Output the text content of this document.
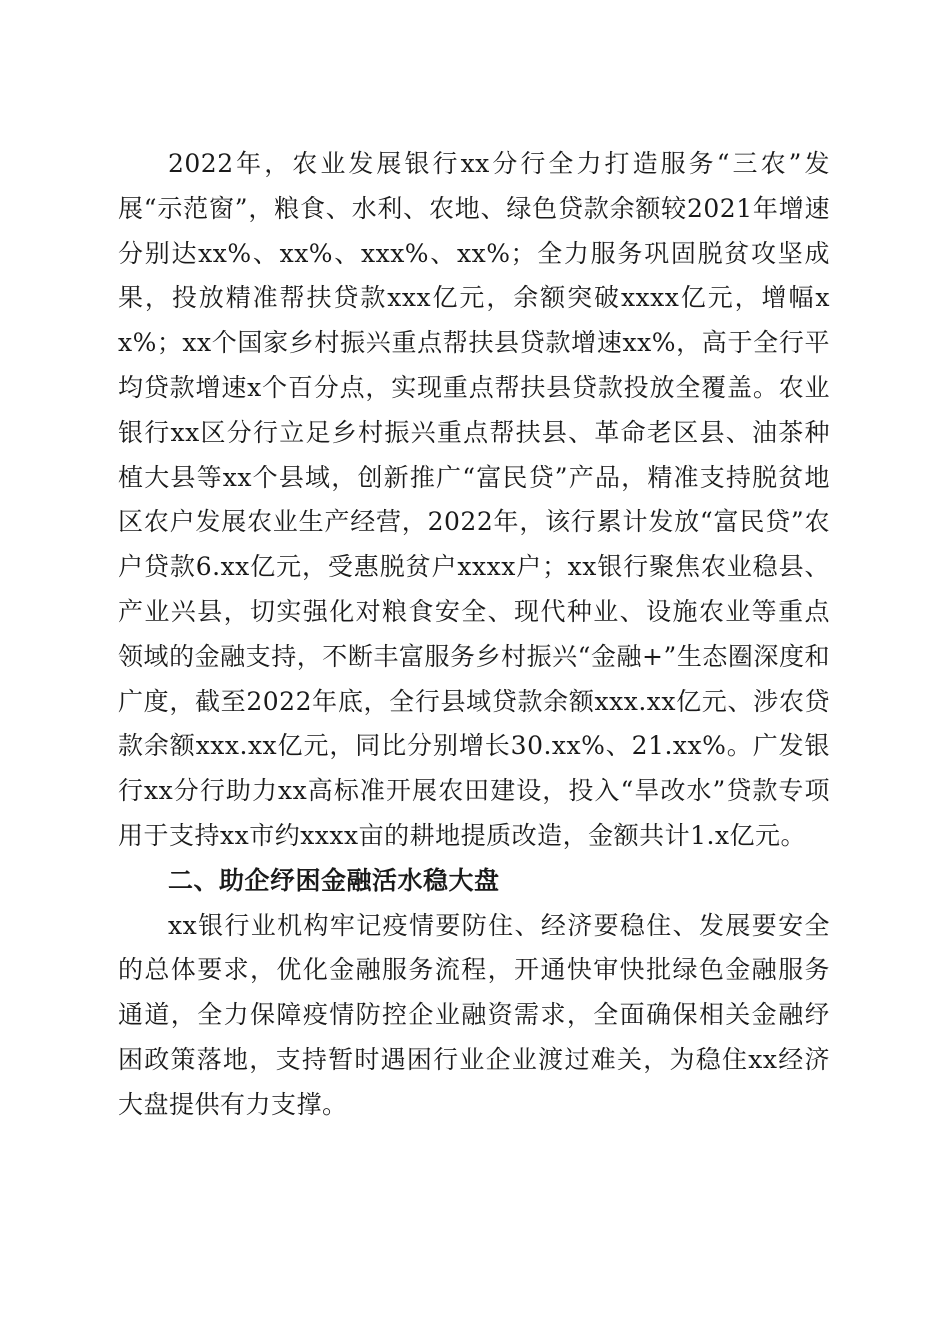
2022年，农业发展银行xx分行全力打造服务“三农”发展“示范窗”，粮食、水利、农地、绿色贷款余额较2021年增速分别达xx%、xx%、xxx%、xx%；全力服务巩固脱贫攻坚成果，投放精准帮扶贷款xxx亿元，余额突破xxxx亿元，增幅xx%；xx个国家乡村振兴重点帮扶县贷款增速xx%，高于全行平均贷款增速x个百分点，实现重点帮扶县贷款投放全覆盖。农业银行xx区分行立足乡村振兴重点帮扶县、革命老区县、油茶种植大县等xx个县域，创新推广“富民贷”产品，精准支持脱贫地区农户发展农业生产经营，2022年，该行累计发放“富民贷”农户贷款6.xx亿元，受惠脱贫户xxxx户；xx银行聚焦农业稳县、产业兴县，切实强化对粮食安全、现代种业、设施农业等重点领域的金融支持，不断丰富服务乡村振兴“金融+”生态圈深度和广度，截至2022年底，全行县域贷款余额xxx.xx亿元、涉农贷款余额xxx.xx亿元，同比分别增长30.xx%、21.xx%。广发银行xx分行助力xx高标准开展农田建设，投入“旱改水”贷款专项用于支持xx市约xxxx亩的耕地提质改造，金额共计1.x亿元。

二、助企纾困金融活水稳大盘

xx银行业机构牢记疫情要防住、经济要稳住、发展要安全的总体要求，优化金融服务流程，开通快审快批绿色金融服务通道，全力保障疫情防控企业融资需求，全面确保相关金融纾困政策落地，支持暂时遇困行业企业渡过难关，为稳住xx经济大盘提供有力支撑。
